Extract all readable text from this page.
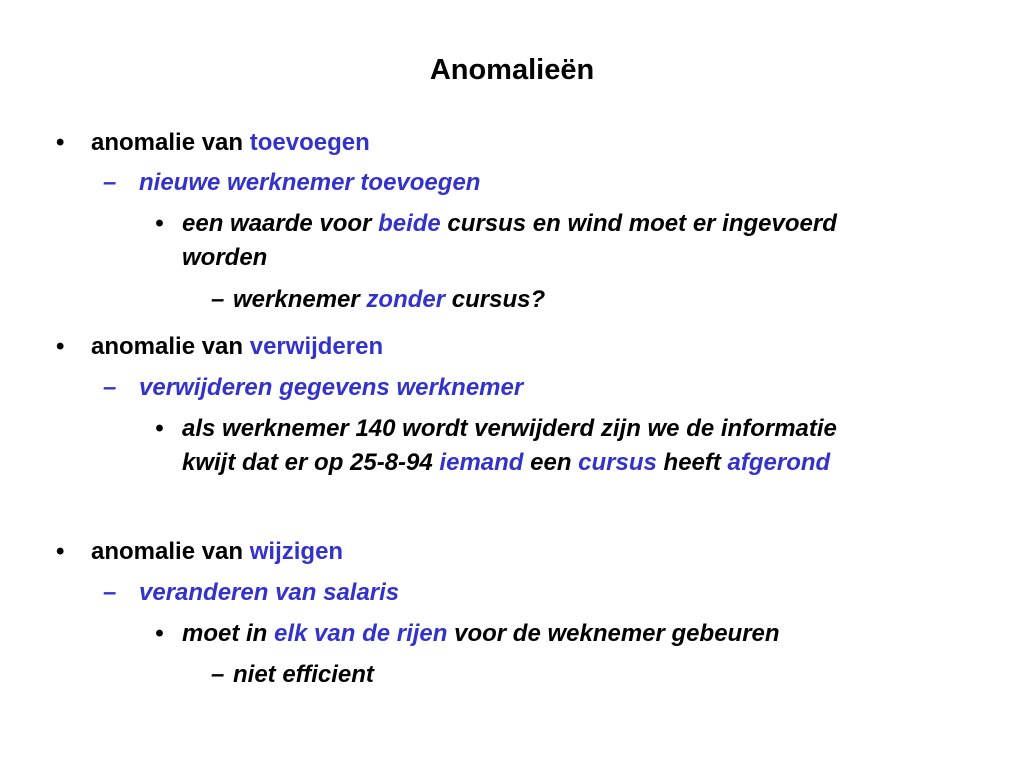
Anomalieën
• anomalie van toevoegen
– nieuwe werknemer toevoegen
• een waarde voor beide cursus en wind moet er ingevoerd
worden
– werknemer zonder cursus?
• anomalie van verwijderen
– verwijderen gegevens werknemer
• als werknemer 140 wordt verwijderd zijn we de informatie
kwijt dat er op 25-8-94 iemand een cursus heeft afgerond
• anomalie van wijzigen
– veranderen van salaris
• moet in elk van de rijen voor de weknemer gebeuren
– niet efficient
